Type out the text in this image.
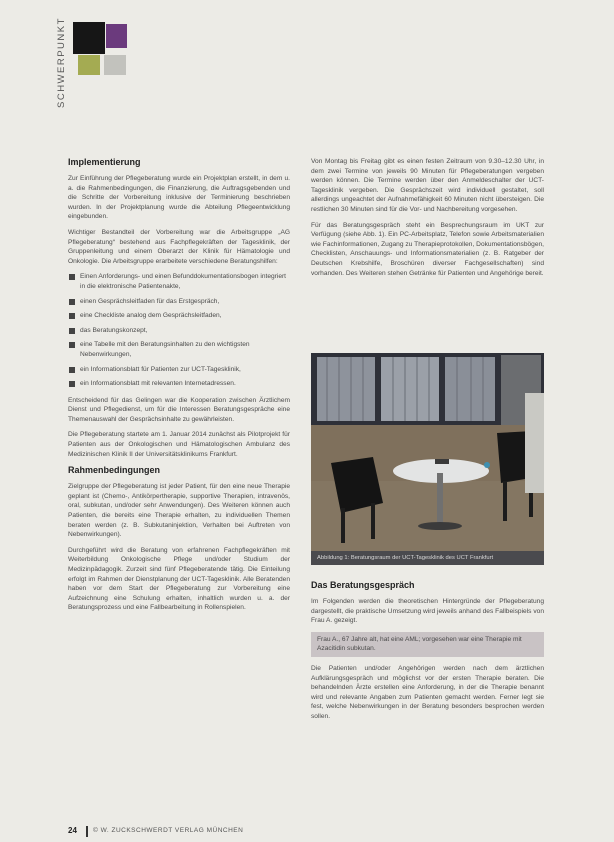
SCHWERPUNKT
Implementierung

Zur Einführung der Pflegeberatung wurde ein Projektplan erstellt, in dem u. a. die Rahmenbedingungen, die Finanzierung, die Auftragsgebenden und die Schritte der Vorbereitung inklusive der Terminierung beschrieben wurden. In der Projektplanung wurde die Abteilung Pflegeentwicklung eingebunden.

Wichtiger Bestandteil der Vorbereitung war die Arbeitsgruppe „AG Pflegeberatung“ bestehend aus Fachpflegekräften der Tagesklinik, der Gruppenleitung und einem Oberarzt der Klinik für Hämatologie und Onkologie. Die Arbeitsgruppe erarbeitete verschiedene Beratungshilfen:

Einen Anforderungs- und einen Befunddokumentationsbogen integriert in die elektronische Patientenakte,
einen Gesprächsleitfaden für das Erstgespräch,
eine Checkliste analog dem Gesprächsleitfaden,
das Beratungskonzept,
eine Tabelle mit den Beratungsinhalten zu den wichtigsten Nebenwirkungen,
ein Informationsblatt für Patienten zur UCT-Tagesklinik,
ein Informationsblatt mit relevanten Internetadressen.

Entscheidend für das Gelingen war die Kooperation zwischen Ärztlichem Dienst und Pflegedienst, um für die Interessen Beratungsgespräche eine Themenauswahl der Gesprächsinhalte zu gewährleisten.

Die Pflegeberatung startete am 1. Januar 2014 zunächst als Pilotprojekt für Patienten aus der Onkologischen und Hämatologischen Ambulanz des Medizinischen Klinik II der Universitätsklinikums Frankfurt.

Rahmenbedingungen

Zielgruppe der Pflegeberatung ist jeder Patient, für den eine neue Therapie geplant ist (Chemo-, Antikörpertherapie, supportive Therapien, intravenös, oral, subkutan, und/oder sehr Anwendungen). Des Weiteren können auch Patienten, die bereits eine Therapie erhalten, zu individuellen Themen beraten werden (z. B. Subkutaninjektion, Verhalten bei Auftreten von Nebenwirkungen).

Durchgeführt wird die Beratung von erfahrenen Fachpflegekräften mit Weiterbildung Onkologische Pflege und/oder Studium der Medizinpädagogik. Zurzeit sind fünf Pflegeberatende tätig. Die Einteilung erfolgt im Rahmen der Dienstplanung der UCT-Tagesklinik. Alle Beratenden haben vor dem Start der Pflegeberatung zur Vorbereitung eine Aufzeichnung eine Schulung erhalten, inhaltlich wurden u. a. der Beratungsprozess und eine Fallbearbeitung in Rollenspielen.

Von Montag bis Freitag gibt es einen festen Zeitraum von 9.30–12.30 Uhr, in dem zwei Termine von jeweils 90 Minuten für Pflegeberatungen vergeben werden können. Die Termine werden über den Anmeldeschalter der UCT-Tagesklinik vergeben. Die Gesprächszeit wird individuell gestaltet, soll allerdings ungeachtet der Aufnahmefähigkeit 60 Minuten nicht übersteigen. Die restlichen 30 Minuten sind für die Vor- und Nachbereitung vorgesehen.

Für das Beratungsgespräch steht ein Besprechungsraum im UKT zur Verfügung (siehe Abb. 1). Ein PC-Arbeitsplatz, Telefon sowie Arbeitsmaterialien wie Fachinformationen, Zugang zu Therapieprotokollen, Dokumentationsbögen, Checklisten, Anschauungs- und Informationsmaterialien (z. B. Ratgeber der Deutschen Krebshilfe, Broschüren diverser Fachgesellschaften) sind vorhanden. Des Weiteren stehen Getränke für Patienten und Angehörige bereit.

Abbildung 1: Beratungsraum der UCT-Tagesklinik des UCT Frankfurt
Das Beratungsgespräch

Im Folgenden werden die theoretischen Hintergründe der Pflegeberatung dargestellt, die praktische Umsetzung wird jeweils anhand des Fallbeispiels von Frau A. gezeigt.

Frau A., 67 Jahre alt, hat eine AML; vorgesehen war eine Therapie mit Azacitidin subkutan.

Die Patienten und/oder Angehörigen werden nach dem ärztlichen Aufklärungsgespräch und möglichst vor der ersten Therapie beraten. Die behandelnden Ärzte erstellen eine Anforderung, in der die Therapie benannt wird und relevante Angaben zum Patienten gemacht werden. Ferner legt sie fest, welche Nebenwirkungen in der Beratung besonders besprochen werden sollen.

24 © W. ZUCKSCHWERDT VERLAG MÜNCHEN
